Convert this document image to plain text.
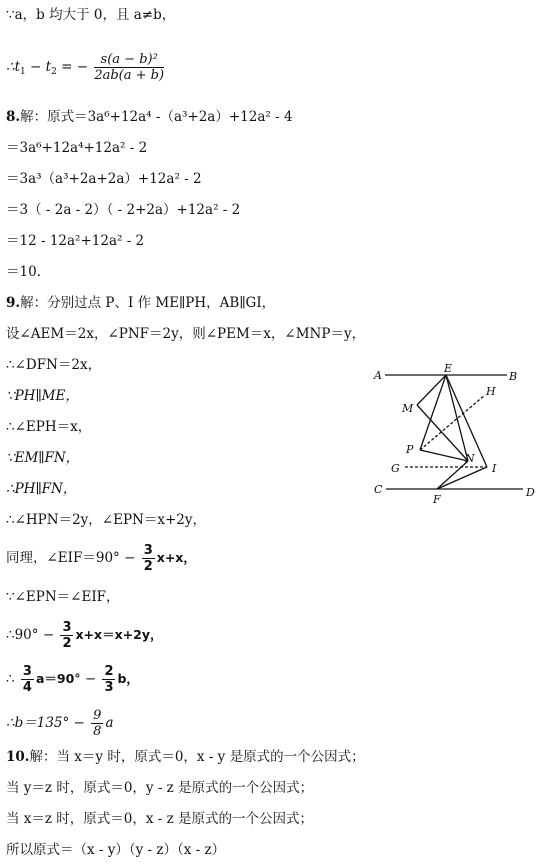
∵a，b 均大于 0，且 a≠b，
$\therefore t_1 - t_2$ = − $\frac{\text{s(a − b)²}}{2ab(a + b)}$
8.解：原式＝3a⁶+12a⁴ -（a³+2a）+12a² - 4
＝3a⁶+12a⁴+12a² - 2
＝3a³（a³+2a+2a）+12a² - 2
＝3（ - 2a - 2）（ - 2+2a）+12a² - 2
＝12 - 12a²+12a² - 2
＝10.
9.解：分别过点 P、I 作 ME∥PH，AB∥GI，
设∠AEM＝2x，∠PNF＝2y，则∠PEM＝x，∠MNP＝y，
∴∠DFN＝2x，
∵PH∥ME，
∴∠EPH＝x，
∵EM∥FN，
∴PH∥FN，
∴∠HPN＝2y，∠EPN＝x+2y，
同理，∠EIF＝90° − $\frac{3}{2} x+x$，
∵∠EPN＝∠EIF，
∴90° − $\frac{3}{2} x+x=x+2y$，
∴ $\frac{3}{4} a=90^\circ - \frac{2}{3}$ b，
∴b＝135° − $\frac{9}{8}$ a
10.解：当 x＝y 时，原式＝0，x - y 是原式的一个公因式；
当 y＝z 时，原式＝0，y - z 是原式的一个公因式；
当 x＝z 时，原式＝0，x - z 是原式的一个公因式；
所以原式＝（x - y）（y - z）（x - z）
A	B
E
H
M
P
N
G	I
C
F
D
